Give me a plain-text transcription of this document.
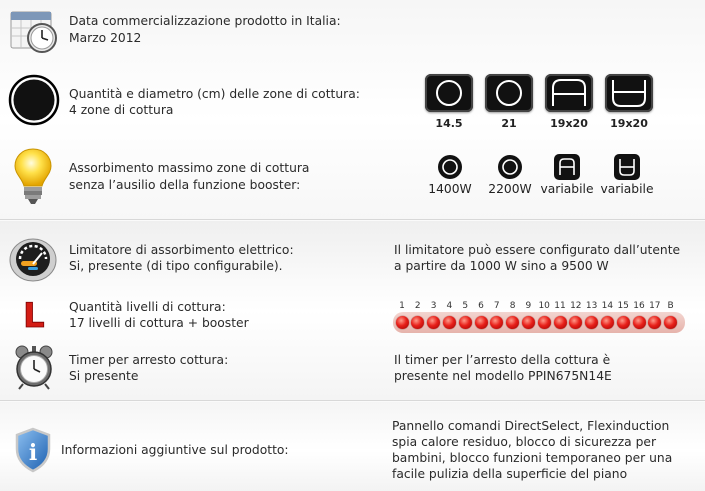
Data commercializzazione prodotto in Italia:
Marzo 2012
Quantità e diametro (cm) delle zone di cottura:
4 zone di cottura
14.5	21	19x20	19x20
Assorbimento massimo zone di cottura
senza l’ausilio della funzione booster:	1400W	2200W variabile variabile
Limitatore di assorbimento elettrico:
Si, presente (di tipo configurabile).
Il limitatore può essere configurato dall’utente
a partire da 1000 W sino a 9500 W
L Quantità livelli di cottura:
17 livelli di cottura + booster
1	2	3	4	5	6	7	8	9 10 11 12 13 14 15 16 17 B
Timer per arresto cottura:
Si presente
Il timer per l’arresto della cottura è
presente nel modello PPIN675N14E
i Informazioni aggiuntive sul prodotto:
Pannello comandi DirectSelect, Flexinduction
spia calore residuo, blocco di sicurezza per
bambini, blocco funzioni temporaneo per una
facile pulizia della superficie del piano
